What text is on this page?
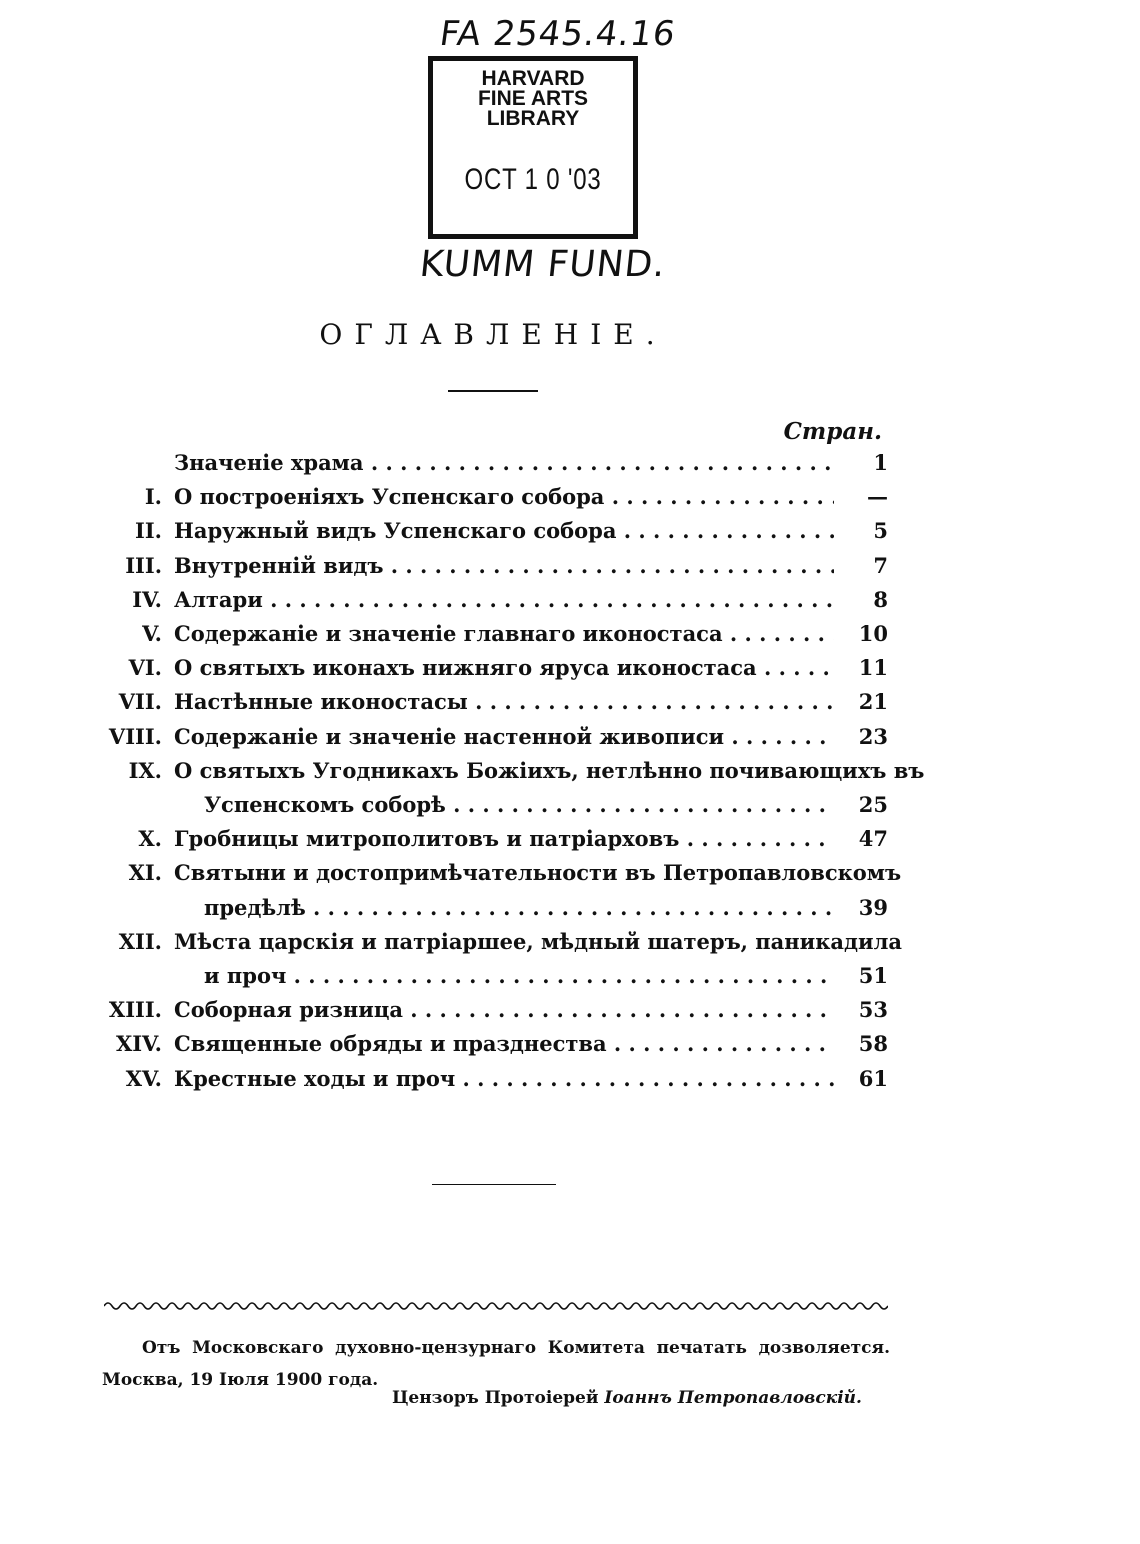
FA 2545.4.16
HARVARD
FINE ARTS
LIBRARY
OCT 1 0 '03
KUMM FUND.
ОГЛАВЛЕНIЕ.
Стран.
Значенiе храма . . .	1
I. О построенiяхъ Успенскаго собора . . .	—
II. Наружный видъ Успенскаго собора . . .	5
III. Внутреннiй видъ . . .	7
IV. Алтари . . .	8
V. Содержанiе и значенiе главнаго иконостаса . . .	10
VI. О святыхъ иконахъ нижняго яруса иконостаса . . .	11
VII. Настѣнные иконостасы . . .	21
VIII. Содержанiе и значенiе настенной живописи . . .	23
IX. О святыхъ Угодникахъ Божiихъ, нетлѣнно почивающихъ въ
Успенскомъ соборѣ . . .	25
X. Гробницы митрополитовъ и патрiарховъ . . .	47
XI. Святыни и достопримѣчательности въ Петропавловскомъ
предѣлѣ . . .	39
XII. Мѣста царскiя и патрiаршее, мѣдный шатеръ, паникадила
и проч . . .	51
XIII. Соборная ризница . . .	53
XIV. Священные обряды и празднества . . .	58
XV. Крестные ходы и проч . . .	61
Отъ Московскаго духовно-цензурнаго Комитета печатать дозволяется. Москва, 19 Iюля 1900 года.
Цензоръ Протоiерей Iоаннъ Петропавловскiй.
